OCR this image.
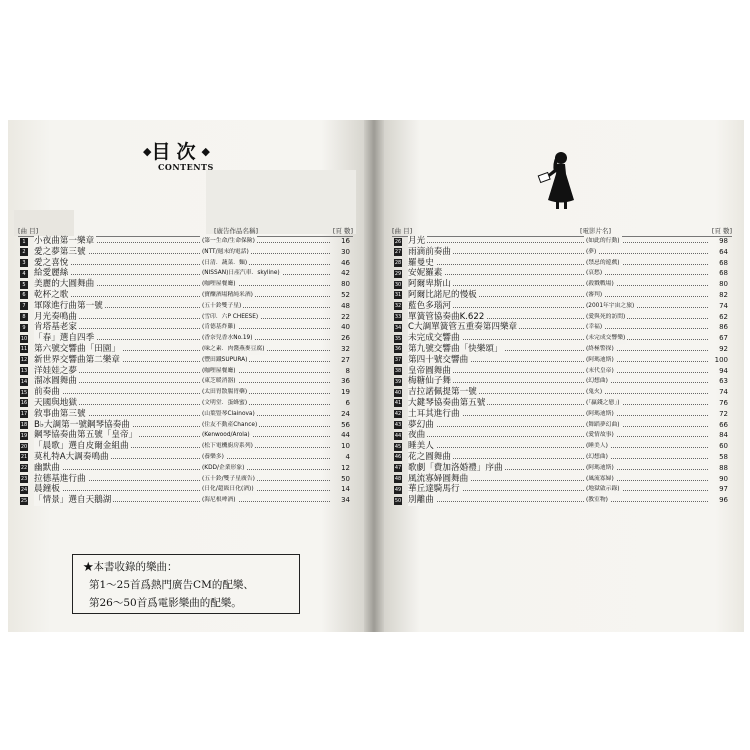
◆目次◆
CONTENTS
[曲 目]	[廣告作品名稱]	[頁 數]
1 小夜曲第一樂章	(第一生命/生命保險)	16
2 愛之夢第三號	(NTT/週末的電話)	30
3 愛之喜悅	(日清．蔬菜．麵)	46
4 給愛麗絲	(NISSAN)日產汽車．skyline)	42
5 美麗的大圓舞曲	(咖哩屋餐廳)	80
6 乾杯之歌	(寶釀酒場精純米酒)	52
7 軍隊進行曲第一號	(五十鈴雙子星)	48
8 月光奏鳴曲	(雪印．六P CHEESE)	22
9 肯塔基老家	(肯德基炸雞)	40
10 「春」選自四季	(香奈兒香水No.19)	26
11 第六號交響曲「田園」	(味之素．肉醬燕麥豆腐)	32
12 新世界交響曲第二樂章	(豐田鐵SUPURA)	27
13 洋娃娃之夢	(咖哩屋餐廳)	8
14 溜冰圓舞曲	(東芝暖消器)	36
15 前奏曲	(太田胃散腸胃藥)	19
16 天國與地獄	(文明堂．蛋蜂蜜)	6
17 敘事曲第三號	(山葉豎琴Clainova)	24
18 B♭大調第一號鋼琴協奏曲	(住友不動產Chance)	56
19 鋼琴協奏曲第五號「皇帝」	(Kenwood/Arola)	44
20 「晨歌」選自皮爾金組曲	(松下電機廚房系列)	10
21 莫札特A大調奏鳴曲	(養樂多)	4
22 幽默曲	(KDD/企業形象)	12
23 拉德基進行曲	(五十鈴/雙子星廣告)	50
24 晨鐘板	(日化/超級日化(酒))	14
25 「情景」選自天鵝湖	(海尼根啤酒)	34
[曲 目]	[電影片名]	[頁 數]
26 月光	(如此的行動)	98
27 雨滴前奏曲	(夢)	64
28 羅曼史	(禁忌的遊戲)	68
29 安妮羅素	(哀愁)	68
30 阿爾卑斯山	(殺戮戰場)	80
31 阿爾比諾尼的慢板	(審判)	82
32 藍色多瑙河	(2001年宇宙之旅)	74
33 單簧管協奏曲K.622	(愛與死的訪問)	62
34 C大調單簧管五重奏第四樂章	(幸福)	86
35 未完成交響曲	(未完成交響樂)	67
36 第九號交響曲「快樂頌」	(終極警探)	92
37 第四十號交響曲	(阿瑪迪斯)	100
38 皇帝圓舞曲	(末代皇帝)	94
39 梅糖仙子舞	(幻想曲)	63
40 吉拉諾佩提第一號	(鬼火)	74
41 大鍵琴協奏曲第五號	(「贏錢之戀」)	76
42 土耳其進行曲	(阿瑪迪斯)	72
43 夢幻曲	(舞蹈夢幻曲)	66
44 夜曲	(愛情故事)	84
45 睡美人	(睡美人)	60
46 花之圓舞曲	(幻想曲)	58
47 歌劇「費加洛婚禮」序曲	(阿瑪迪斯)	88
48 風流寡婦圓舞曲	(風流寡婦)	90
49 華丘達騎馬行	(地獄啟示錄)	97
50 別離曲	(教室物)	96
★本書收錄的樂曲：
第1～25首爲熱門廣告CM的配樂、
第26～50首爲電影樂曲的配樂。
